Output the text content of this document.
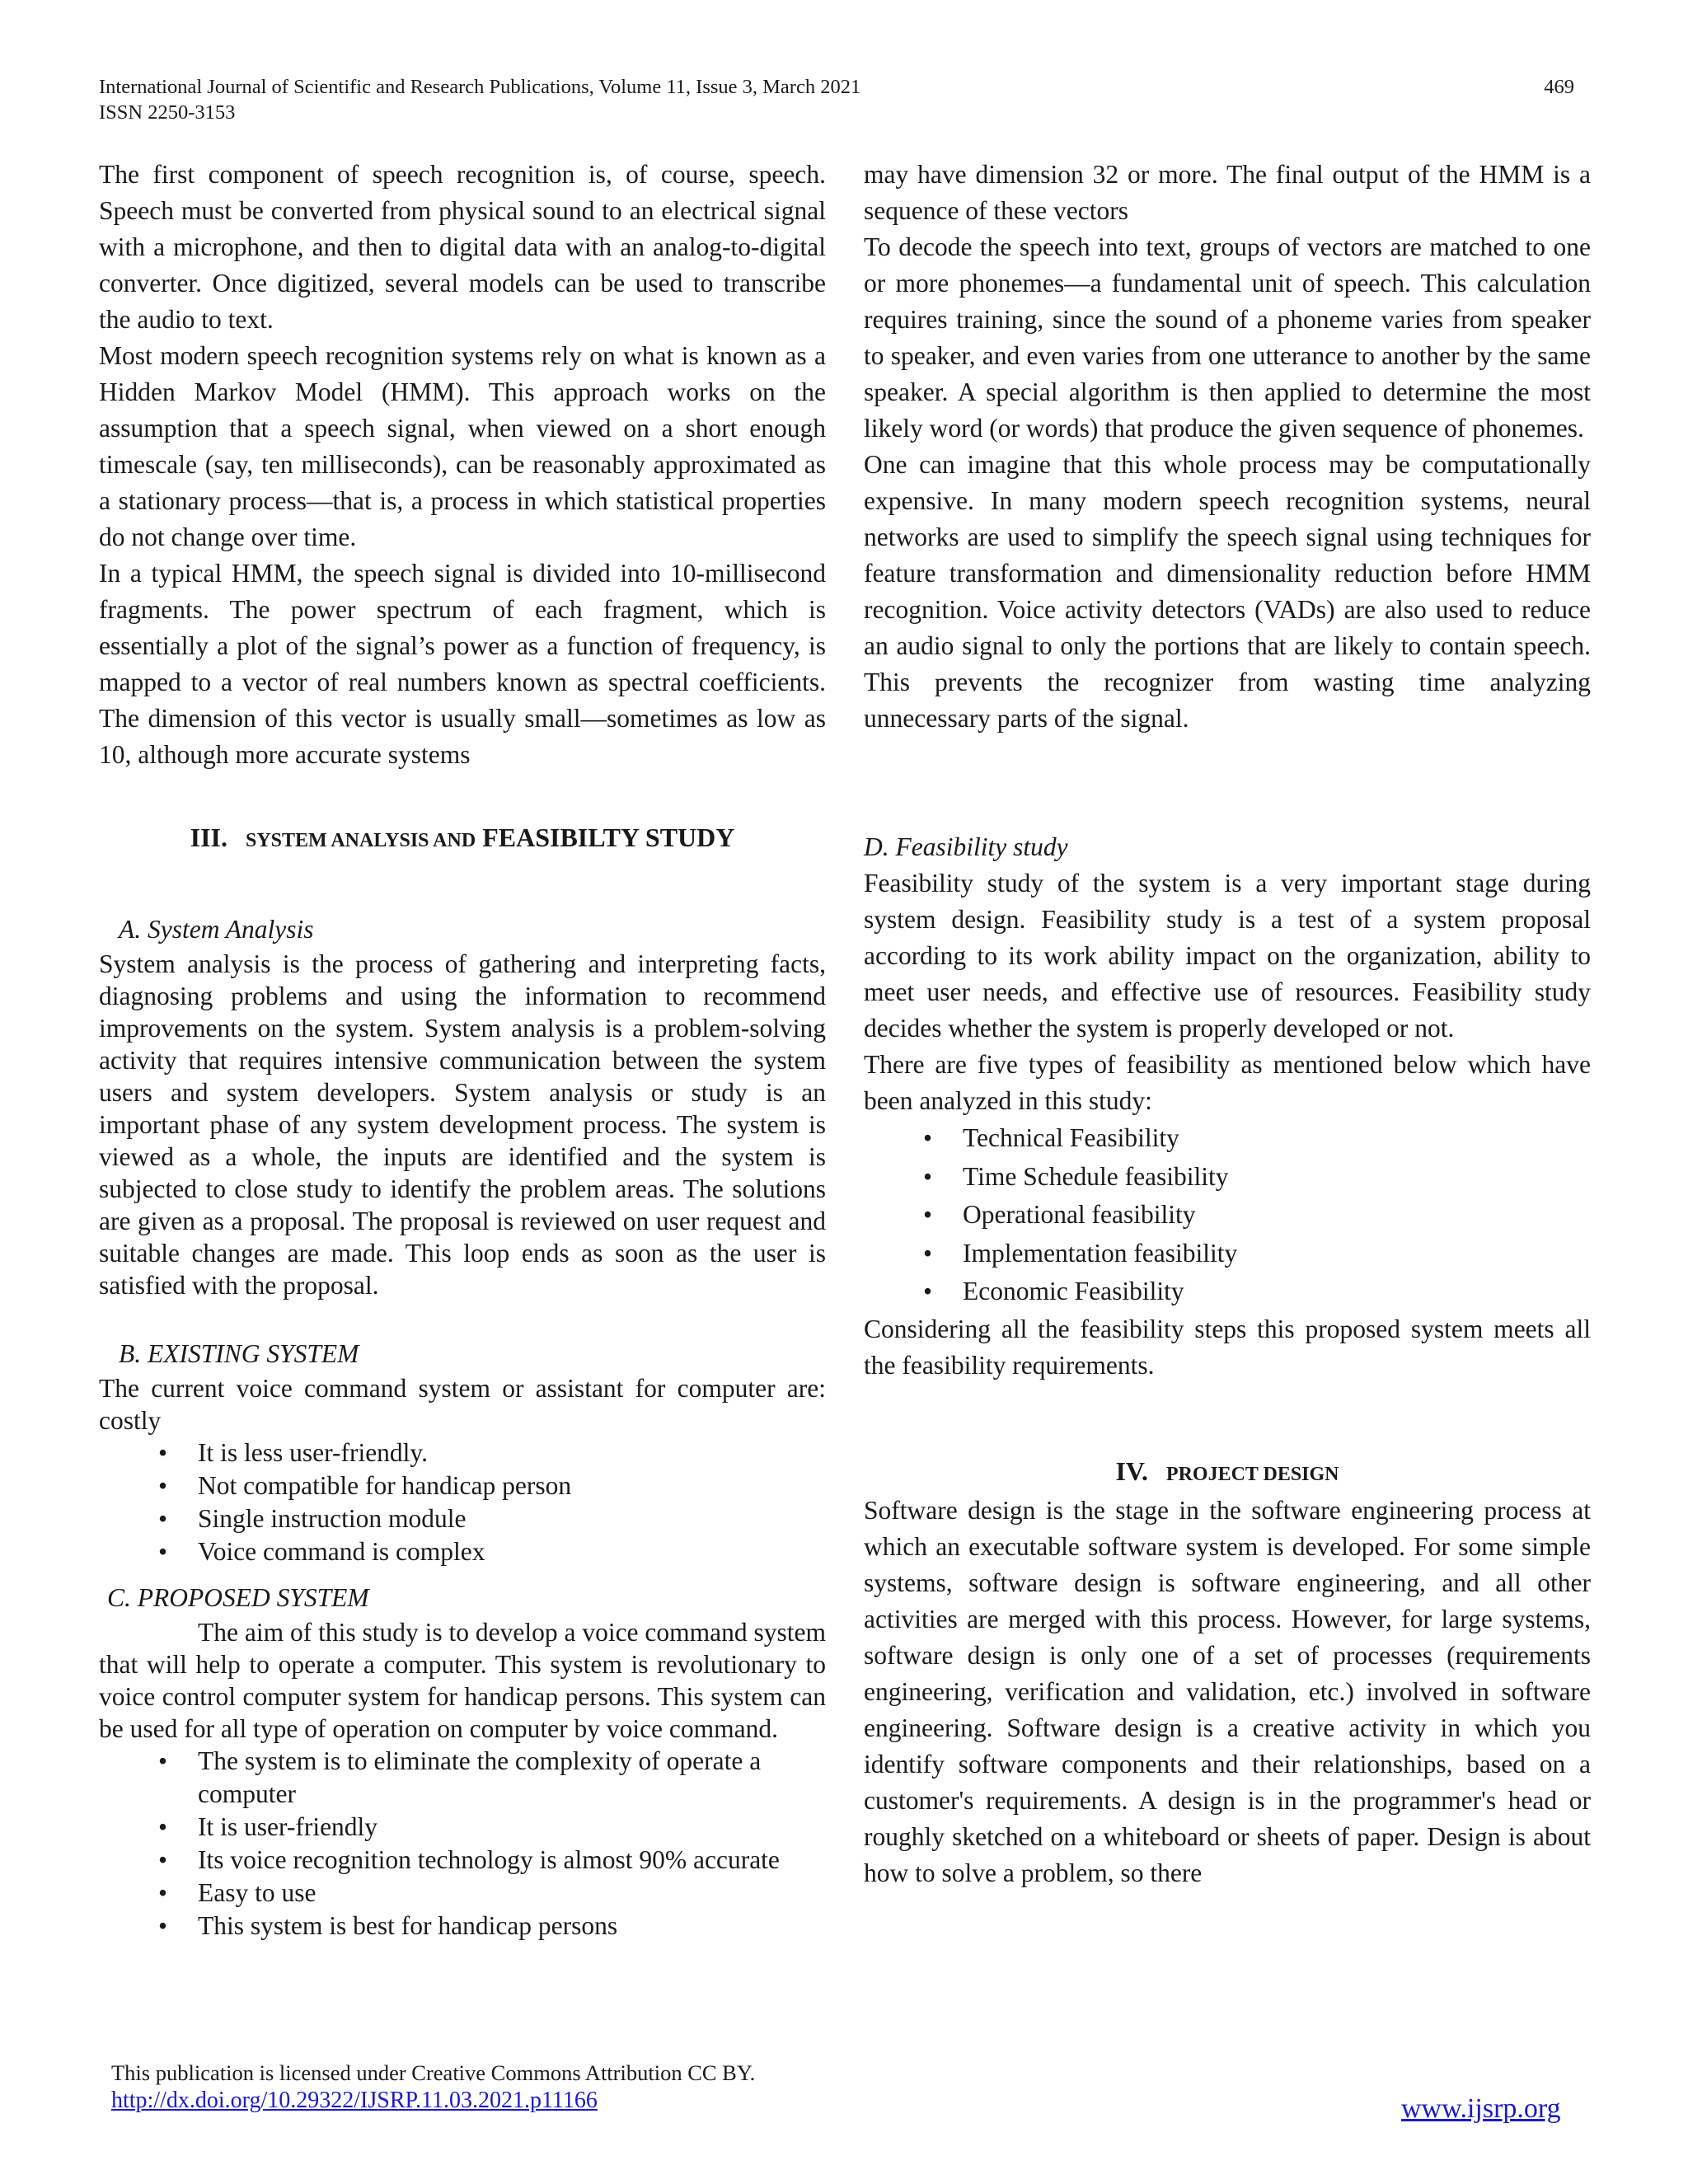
International Journal of Scientific and Research Publications, Volume 11, Issue 3, March 2021
ISSN 2250-3153
469

The first component of speech recognition is, of course, speech. Speech must be converted from physical sound to an electrical signal with a microphone, and then to digital data with an analog-to-digital converter. Once digitized, several models can be used to transcribe the audio to text.

Most modern speech recognition systems rely on what is known as a Hidden Markov Model (HMM). This approach works on the assumption that a speech signal, when viewed on a short enough timescale (say, ten milliseconds), can be reasonably approximated as a stationary process—that is, a process in which statistical properties do not change over time.

In a typical HMM, the speech signal is divided into 10-millisecond fragments. The power spectrum of each fragment, which is essentially a plot of the signal’s power as a function of frequency, is mapped to a vector of real numbers known as spectral coefficients. The dimension of this vector is usually small—sometimes as low as 10, although more accurate systems

III. SYSTEM ANALYSIS AND FEASIBILTY STUDY
A. System Analysis

System analysis is the process of gathering and interpreting facts, diagnosing problems and using the information to recommend improvements on the system. System analysis is a problem-solving activity that requires intensive communication between the system users and system developers. System analysis or study is an important phase of any system development process. The system is viewed as a whole, the inputs are identified and the system is subjected to close study to identify the problem areas. The solutions are given as a proposal. The proposal is reviewed on user request and suitable changes are made. This loop ends as soon as the user is satisfied with the proposal.

B. EXISTING SYSTEM

The current voice command system or assistant for computer are: costly

• It is less user-friendly.
• Not compatible for handicap person
• Single instruction module
• Voice command is complex
C. PROPOSED SYSTEM

The aim of this study is to develop a voice command system that will help to operate a computer. This system is revolutionary to voice control computer system for handicap persons. This system can be used for all type of operation on computer by voice command.

• The system is to eliminate the complexity of operate a computer
• It is user-friendly
• Its voice recognition technology is almost 90% accurate
• Easy to use
• This system is best for handicap persons

may have dimension 32 or more. The final output of the HMM is a sequence of these vectors

To decode the speech into text, groups of vectors are matched to one or more phonemes—a fundamental unit of speech. This calculation requires training, since the sound of a phoneme varies from speaker to speaker, and even varies from one utterance to another by the same speaker. A special algorithm is then applied to determine the most likely word (or words) that produce the given sequence of phonemes.

One can imagine that this whole process may be computationally expensive. In many modern speech recognition systems, neural networks are used to simplify the speech signal using techniques for feature transformation and dimensionality reduction before HMM recognition. Voice activity detectors (VADs) are also used to reduce an audio signal to only the portions that are likely to contain speech. This prevents the recognizer from wasting time analyzing unnecessary parts of the signal.

D. Feasibility study

Feasibility study of the system is a very important stage during system design. Feasibility study is a test of a system proposal according to its work ability impact on the organization, ability to meet user needs, and effective use of resources. Feasibility study decides whether the system is properly developed or not.

There are five types of feasibility as mentioned below which have been analyzed in this study:

• Technical Feasibility
• Time Schedule feasibility
• Operational feasibility
• Implementation feasibility
• Economic Feasibility

Considering all the feasibility steps this proposed system meets all the feasibility requirements.

IV. PROJECT DESIGN

Software design is the stage in the software engineering process at which an executable software system is developed. For some simple systems, software design is software engineering, and all other activities are merged with this process. However, for large systems, software design is only one of a set of processes (requirements engineering, verification and validation, etc.) involved in software engineering. Software design is a creative activity in which you identify software components and their relationships, based on a customer's requirements. A design is in the programmer's head or roughly sketched on a whiteboard or sheets of paper. Design is about how to solve a problem, so there

This publication is licensed under Creative Commons Attribution CC BY.
http://dx.doi.org/10.29322/IJSRP.11.03.2021.p11166	www.ijsrp.org
